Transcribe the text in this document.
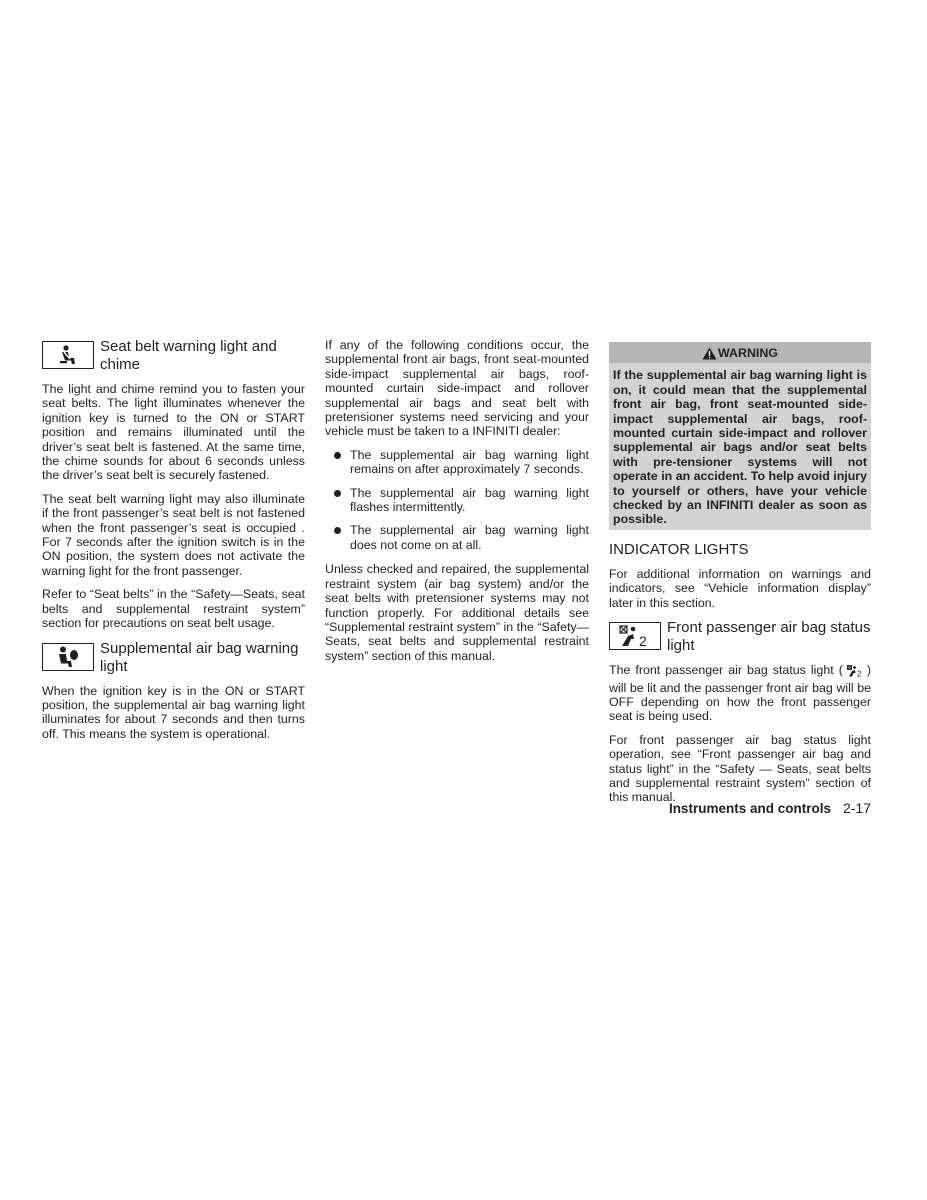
Seat belt warning light and chime

The light and chime remind you to fasten your seat belts. The light illuminates whenever the ignition key is turned to the ON or START position and remains illuminated until the driver’s seat belt is fastened. At the same time, the chime sounds for about 6 seconds unless the driver’s seat belt is securely fastened.

The seat belt warning light may also illuminate if the front passenger’s seat belt is not fastened when the front passenger’s seat is occupied . For 7 seconds after the ignition switch is in the ON position, the system does not activate the warning light for the front passenger.

Refer to “Seat belts” in the “Safety—Seats, seat belts and supplemental restraint system” section for precautions on seat belt usage.

Supplemental air bag warning light

When the ignition key is in the ON or START position, the supplemental air bag warning light illuminates for about 7 seconds and then turns off. This means the system is operational.

If any of the following conditions occur, the supplemental front air bags, front seat-mounted side-impact supplemental air bags, roof-mounted curtain side-impact and rollover supplemental air bags and seat belt with pretensioner systems need servicing and your vehicle must be taken to a INFINITI dealer:

The supplemental air bag warning light remains on after approximately 7 seconds.
The supplemental air bag warning light flashes intermittently.
The supplemental air bag warning light does not come on at all.

Unless checked and repaired, the supplemental restraint system (air bag system) and/or the seat belts with pretensioner systems may not function properly. For additional details see “Supplemental restraint system” in the “Safety—Seats, seat belts and supplemental restraint system” section of this manual.

WARNING
If the supplemental air bag warning light is on, it could mean that the supplemental front air bag, front seat-mounted side-impact supplemental air bags, roof-mounted curtain side-impact and rollover supplemental air bags and/or seat belts with pre-tensioner systems will not operate in an accident. To help avoid injury to yourself or others, have your vehicle checked by an INFINITI dealer as soon as possible.
INDICATOR LIGHTS

For additional information on warnings and indicators, see “Vehicle information display” later in this section.

2
Front passenger air bag status light

The front passenger air bag status light ( 2 ) will be lit and the passenger front air bag will be OFF depending on how the front passenger seat is being used.

For front passenger air bag status light operation, see “Front passenger air bag and status light” in the “Safety — Seats, seat belts and supplemental restraint system” section of this manual.

Instruments and controls 2-17
